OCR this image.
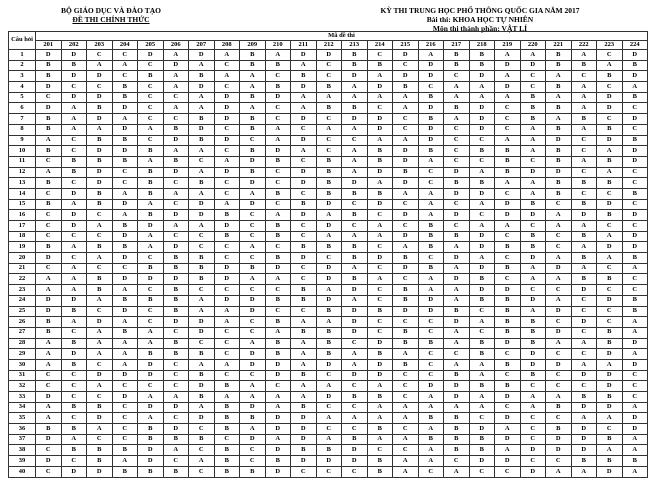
BỘ GIÁO DỤC VÀ ĐÀO TẠO
ĐỀ THI CHÍNH THỨC
KỲ THI TRUNG HỌC PHỔ THÔNG QUỐC GIA NĂM 2017
Bài thi: KHOA HỌC TỰ NHIÊN
Môn thi thành phần: VẬT LÍ
Câu hỏi	Mã đề thi																							
	201	202	203	204	205	206	207	208	209	210	211	212	213	214	215	216	217	218	219	220	221	222	223	224
1	D	D	C	C	D	A	D	A	B	A	D	D	B	C	D	A	B	B	A	A	B	A	C	D
2	B	B	A	A	C	D	A	C	B	B	A	C	B	B	C	D	B	B	D	D	B	B	A	B
3	B	D	D	C	B	A	B	A	A	C	B	C	D	A	D	D	C	D	A	C	A	C	B	D
4	D	C	C	B	C	A	D	C	A	B	D	B	A	D	B	C	A	A	D	C	B	A	C	A
5	C	D	D	B	C	C	A	D	B	D	A	A	A	A	A	B	A	A	A	B	A	A	D	B
6	D	A	B	D	C	A	A	D	A	C	A	B	B	C	A	D	B	D	C	B	B	A	D	C
7	B	A	D	A	C	C	B	D	B	C	D	C	D	D	C	B	A	D	C	B	A	B	C	D
8	B	A	A	D	A	B	D	C	B	A	C	A	A	D	C	D	C	D	C	A	B	A	B	C
9	A	C	B	B	C	D	B	D	C	A	D	C	C	A	A	D	C	C	A	A	D	C	D	B
10	B	C	D	D	B	A	A	C	B	D	A	C	A	B	D	B	C	B	B	A	B	C	A	D
11	C	B	B	B	A	B	C	A	D	B	C	B	A	B	D	A	C	C	B	C	B	A	B	D
12	A	B	D	C	B	D	A	D	B	C	D	B	A	D	B	C	D	A	B	D	D	C	A	C
13	B	C	D	C	B	C	B	C	D	C	D	B	D	A	D	C	B	B	A	A	B	B	B	C
14	C	D	B	A	B	A	A	C	A	B	C	B	B	B	A	A	D	D	C	A	B	C	C	B
15	B	A	B	D	A	C	D	A	D	C	B	D	C	D	C	A	C	A	D	B	C	B	D	C
16	C	D	C	A	B	D	D	B	C	A	D	A	B	C	D	A	D	C	D	D	A	D	B	D
17	C	D	A	B	D	A	A	D	C	B	C	D	C	A	C	B	C	A	A	C	A	A	C	C
18	C	C	C	D	A	C	C	B	C	B	C	A	A	A	D	B	B	D	C	B	C	B	A	D
19	B	A	B	B	A	D	C	C	A	C	B	B	B	C	A	B	A	D	B	B	C	A	D	D
20	D	C	A	D	C	B	B	C	C	B	D	C	B	D	B	C	D	A	C	D	A	B	A	B
21	C	A	C	C	B	B	B	D	B	D	C	D	A	C	D	B	A	D	B	A	D	A	C	A
22	A	A	B	D	D	D	B	D	A	A	C	D	B	A	C	A	D	B	C	A	A	B	B	C
23	A	A	B	A	C	B	C	C	C	C	B	A	D	C	B	A	A	D	D	C	C	D	C	C
24	D	D	A	B	B	B	A	D	D	B	B	D	A	C	B	D	A	B	B	D	A	C	D	B
25	D	B	C	D	C	B	A	A	D	C	C	B	D	B	D	D	B	C	B	A	D	C	C	B
26	B	A	D	A	C	D	D	A	C	B	A	A	D	C	C	C	D	A	B	B	C	D	C	A
27	B	C	A	B	A	C	D	C	C	A	B	B	D	C	B	C	A	C	B	B	D	C	B	A
28	A	B	A	A	A	B	C	C	A	B	A	B	C	D	B	B	A	B	D	B	A	A	B	D
29	A	D	A	A	B	B	B	C	D	B	A	B	A	B	A	C	C	B	C	D	C	C	D	A
30	A	B	C	A	D	C	A	A	D	D	A	D	A	D	B	C	A	A	B	D	D	A	A	D
31	C	C	D	D	D	C	B	C	C	D	B	C	D	D	C	C	B	A	C	B	C	D	D	C
32	C	C	A	C	C	C	D	B	A	C	A	A	C	A	C	D	D	B	B	C	C	C	D	C
33	D	C	C	D	A	A	B	A	A	A	A	D	B	B	C	A	D	A	D	A	A	B	B	C
34	A	B	B	C	D	D	A	B	D	A	B	C	C	A	A	A	A	A	C	A	B	D	D	A
35	A	C	D	C	A	C	D	B	B	D	D	A	A	A	A	B	B	C	D	C	C	A	A	D
36	B	B	A	C	B	D	C	B	A	D	D	C	C	B	C	A	B	D	A	C	B	D	C	D
37	D	A	C	C	B	B	B	C	D	A	D	A	B	A	A	B	B	B	D	C	D	D	B	A
38	C	B	B	B	D	A	C	B	C	D	B	B	D	C	C	A	B	B	A	D	D	D	A	A
39	D	C	B	A	D	C	A	B	C	B	D	D	D	B	A	A	C	D	D	C	C	B	B	B
40	C	D	D	B	B	B	C	B	B	D	C	C	C	B	A	C	A	C	C	D	A	A	D	A
